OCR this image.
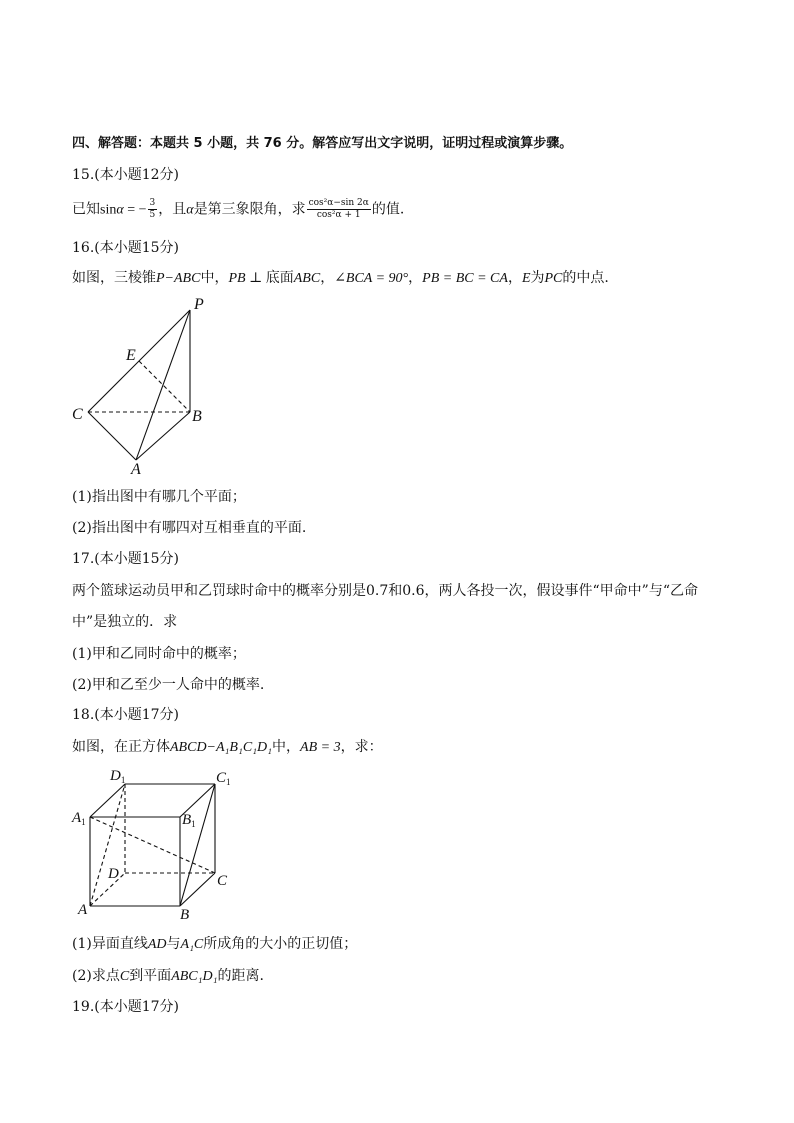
四、解答题：本题共 5 小题，共 76 分。解答应写出文字说明，证明过程或演算步骤。
15.(本小题12分)
已知sinα = − $\frac{3}{5}$ ，且α是第三象限角，求 $\frac{\text{cos²α−sin 2α}}{\text{cos²α + 1}}$ 的值.
16.(本小题15分)
如图，三棱锥P−ABC中，PB ⊥ 底面ABC，∠BCA = 90°，PB = BC = CA，E为PC的中点.
P
E
C	B
A
(1)指出图中有哪几个平面；
(2)指出图中有哪四对互相垂直的平面.
17.(本小题15分)
两个篮球运动员甲和乙罚球时命中的概率分别是0.7和0.6，两人各投一次，假设事件“甲命中”与“乙命
中”是独立的．求
(1)甲和乙同时命中的概率；
(2)甲和乙至少一人命中的概率.
18.(本小题17分)
如图，在正方体ABCD−A₁B₁C₁D₁中，AB = 3，求：
$D_1$	$C_1$
$A_1$	$B_1$
D	C
A	B
(1)异面直线AD与A₁C所成角的大小的正切值；
(2)求点C到平面ABC₁D₁的距离.
19.(本小题17分)
